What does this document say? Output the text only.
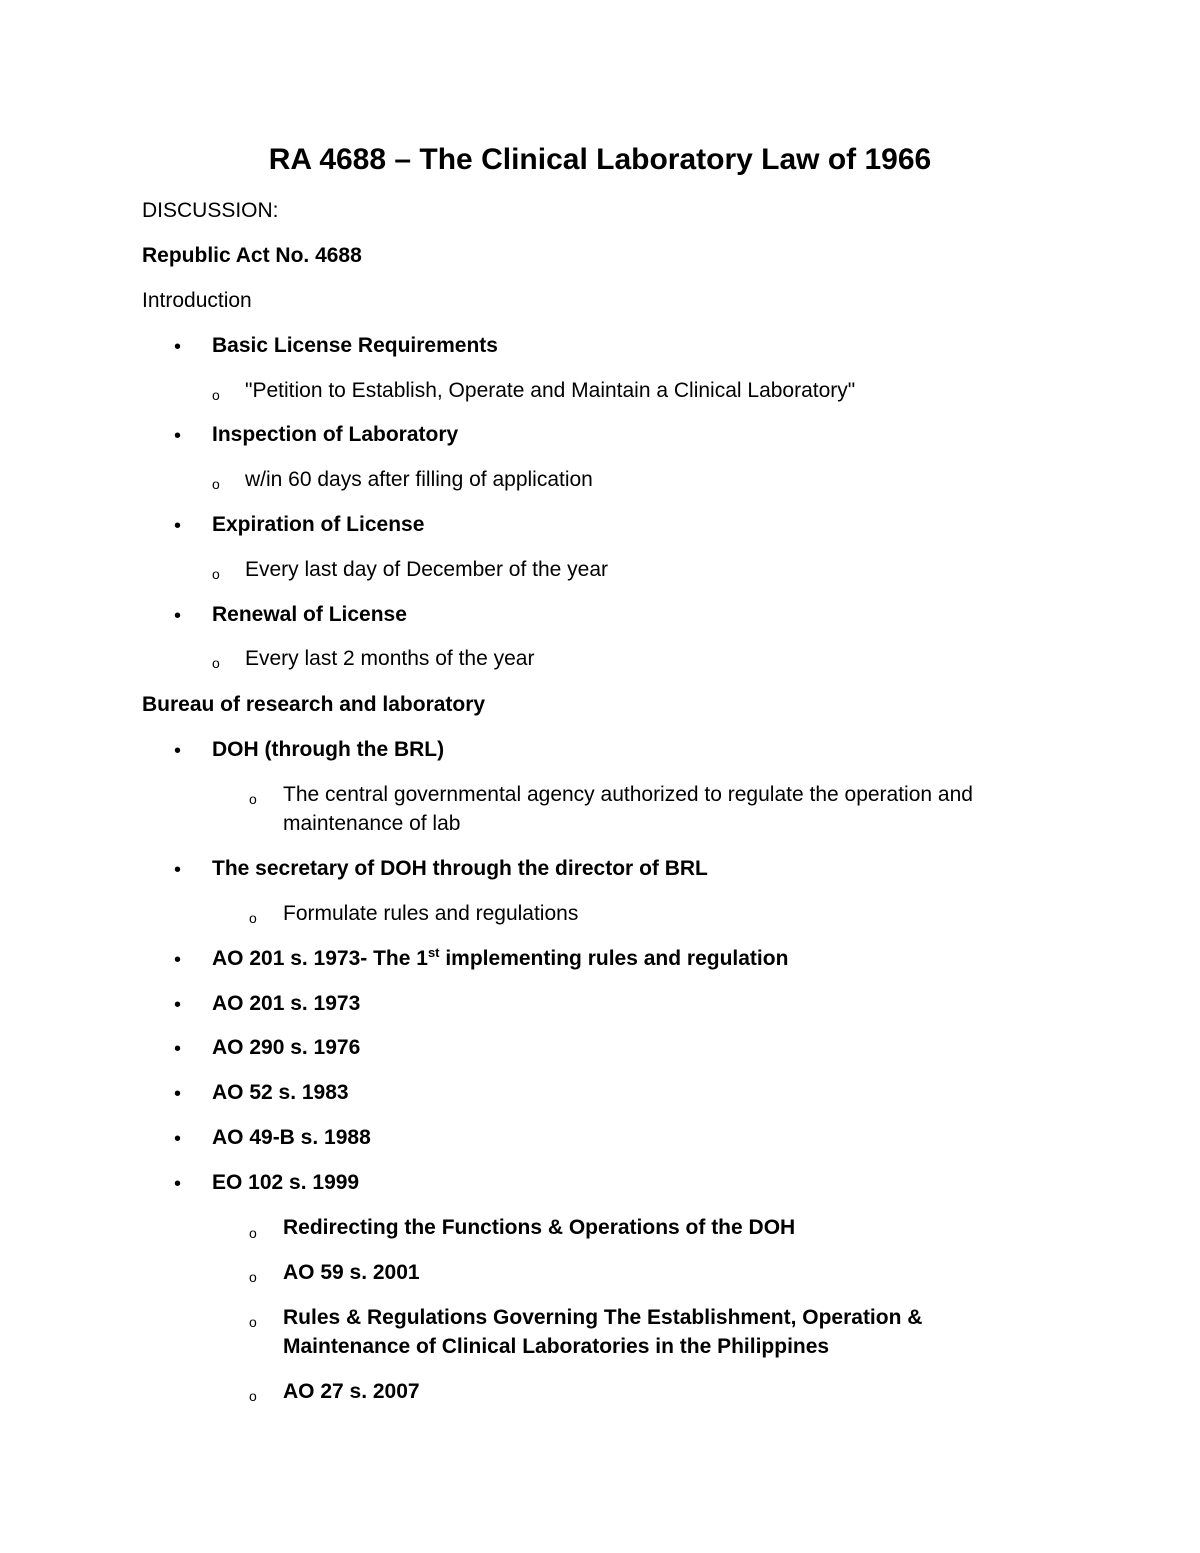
RA 4688 – The Clinical Laboratory Law of 1966
DISCUSSION:
Republic Act No. 4688
Introduction
• Basic License Requirements
o "Petition to Establish, Operate and Maintain a Clinical Laboratory"
• Inspection of Laboratory
o w/in 60 days after filling of application
• Expiration of License
o Every last day of December of the year
• Renewal of License
o Every last 2 months of the year
Bureau of research and laboratory
• DOH (through the BRL)
o The central governmental agency authorized to regulate the operation and
maintenance of lab
• The secretary of DOH through the director of BRL
o Formulate rules and regulations
• AO 201 s. 1973- The 1st implementing rules and regulation
• AO 201 s. 1973
• AO 290 s. 1976
• AO 52 s. 1983
• AO 49-B s. 1988
• EO 102 s. 1999
o Redirecting the Functions & Operations of the DOH
o AO 59 s. 2001
o Rules & Regulations Governing The Establishment, Operation &
Maintenance of Clinical Laboratories in the Philippines
o AO 27 s. 2007
